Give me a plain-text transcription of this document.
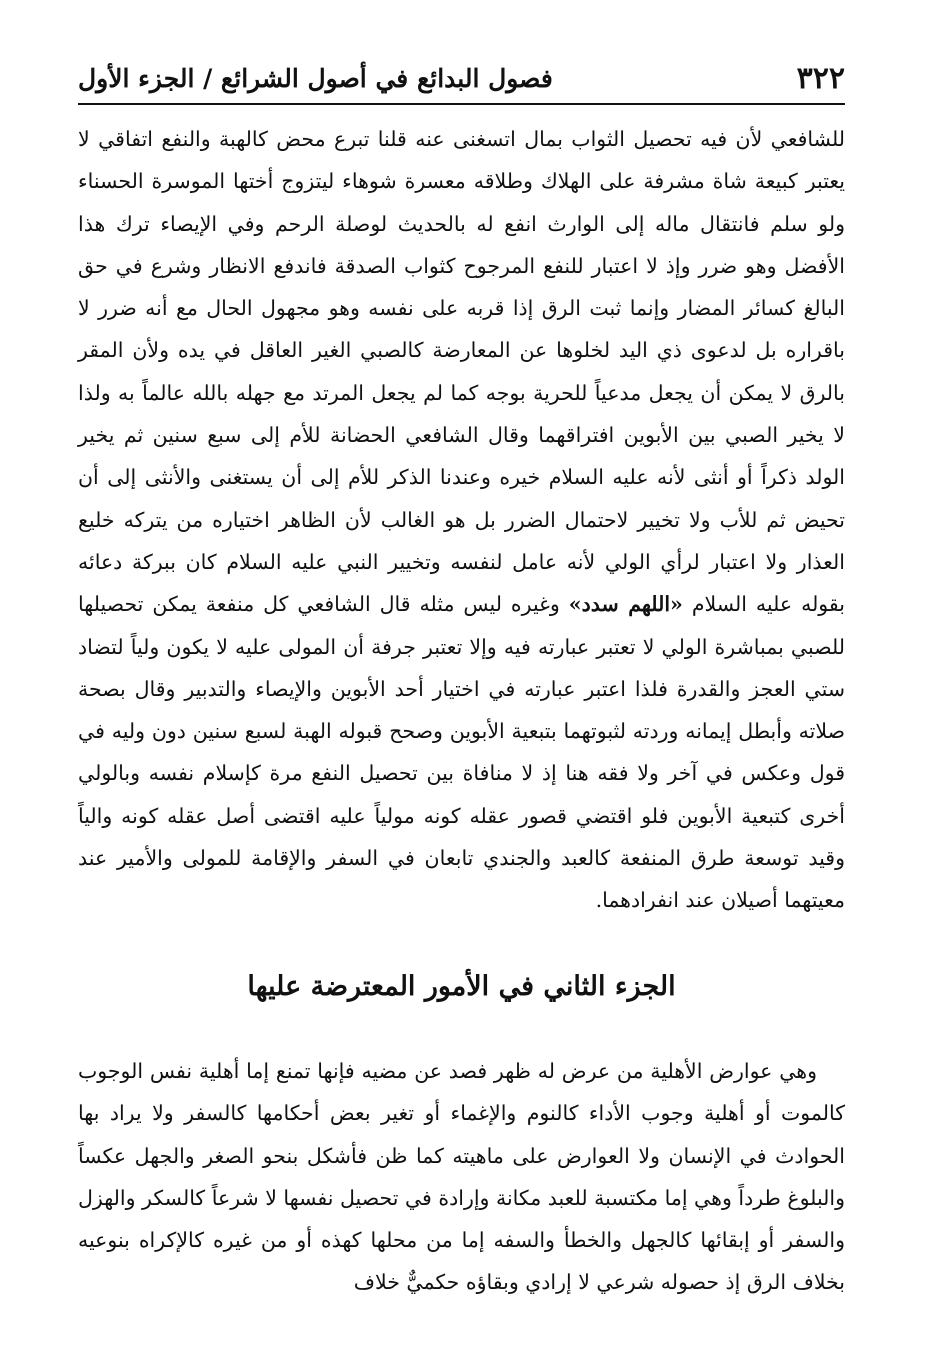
٣٢٢
فصول البدائع في أصول الشرائع / الجزء الأول

للشافعي لأن فيه تحصيل الثواب بمال اتسغنى عنه قلنا تبرع محض كالهبة والنفع اتفاقي لا يعتبر كبيعة شاة مشرفة على الهلاك وطلاقه معسرة شوهاء ليتزوج أختها الموسرة الحسناء ولو سلم فانتقال ماله إلى الوارث انفع له بالحديث لوصلة الرحم وفي الإيصاء ترك هذا الأفضل وهو ضرر وإذ لا اعتبار للنفع المرجوح كثواب الصدقة فاندفع الانظار وشرع في حق البالغ كسائر المضار وإنما ثبت الرق إذا قربه على نفسه وهو مجهول الحال مع أنه ضرر لا باقراره بل لدعوى ذي اليد لخلوها عن المعارضة كالصبي الغير العاقل في يده ولأن المقر بالرق لا يمكن أن يجعل مدعياً للحرية بوجه كما لم يجعل المرتد مع جهله بالله عالماً به ولذا لا يخير الصبي بين الأبوين افتراقهما وقال الشافعي الحضانة للأم إلى سبع سنين ثم يخير الولد ذكراً أو أنثى لأنه عليه السلام خيره وعندنا الذكر للأم إلى أن يستغنى والأنثى إلى أن تحيض ثم للأب ولا تخيير لاحتمال الضرر بل هو الغالب لأن الظاهر اختياره من يتركه خليع العذار ولا اعتبار لرأي الولي لأنه عامل لنفسه وتخيير النبي عليه السلام كان ببركة دعائه بقوله عليه السلام «اللهم سدد» وغيره ليس مثله قال الشافعي كل منفعة يمكن تحصيلها للصبي بمباشرة الولي لا تعتبر عبارته فيه وإلا تعتبر جرفة أن المولى عليه لا يكون ولياً لتضاد ستي العجز والقدرة فلذا اعتبر عبارته في اختيار أحد الأبوين والإيصاء والتدبير وقال بصحة صلاته وأبطل إيمانه وردته لثبوتهما بتبعية الأبوين وصحح قبوله الهبة لسبع سنين دون وليه في قول وعكس في آخر ولا فقه هنا إذ لا منافاة بين تحصيل النفع مرة كإسلام نفسه وبالولي أخرى كتبعية الأبوين فلو اقتضي قصور عقله كونه مولياً عليه اقتضى أصل عقله كونه والياً وقيد توسعة طرق المنفعة كالعبد والجندي تابعان في السفر والإقامة للمولى والأمير عند معيتهما أصيلان عند انفرادهما.

الجزء الثاني في الأمور المعترضة عليها

وهي عوارض الأهلية من عرض له ظهر فصد عن مضيه فإنها تمنع إما أهلية نفس الوجوب كالموت أو أهلية وجوب الأداء كالنوم والإغماء أو تغير بعض أحكامها كالسفر ولا يراد بها الحوادث في الإنسان ولا العوارض على ماهيته كما ظن فأشكل بنحو الصغر والجهل عكساً والبلوغ طرداً وهي إما مكتسبة للعبد مكانة وإرادة في تحصيل نفسها لا شرعاً كالسكر والهزل والسفر أو إبقائها كالجهل والخطأ والسفه إما من محلها كهذه أو من غيره كالإكراه بنوعيه بخلاف الرق إذ حصوله شرعي لا إرادي وبقاؤه حكميٌّ خلاف
